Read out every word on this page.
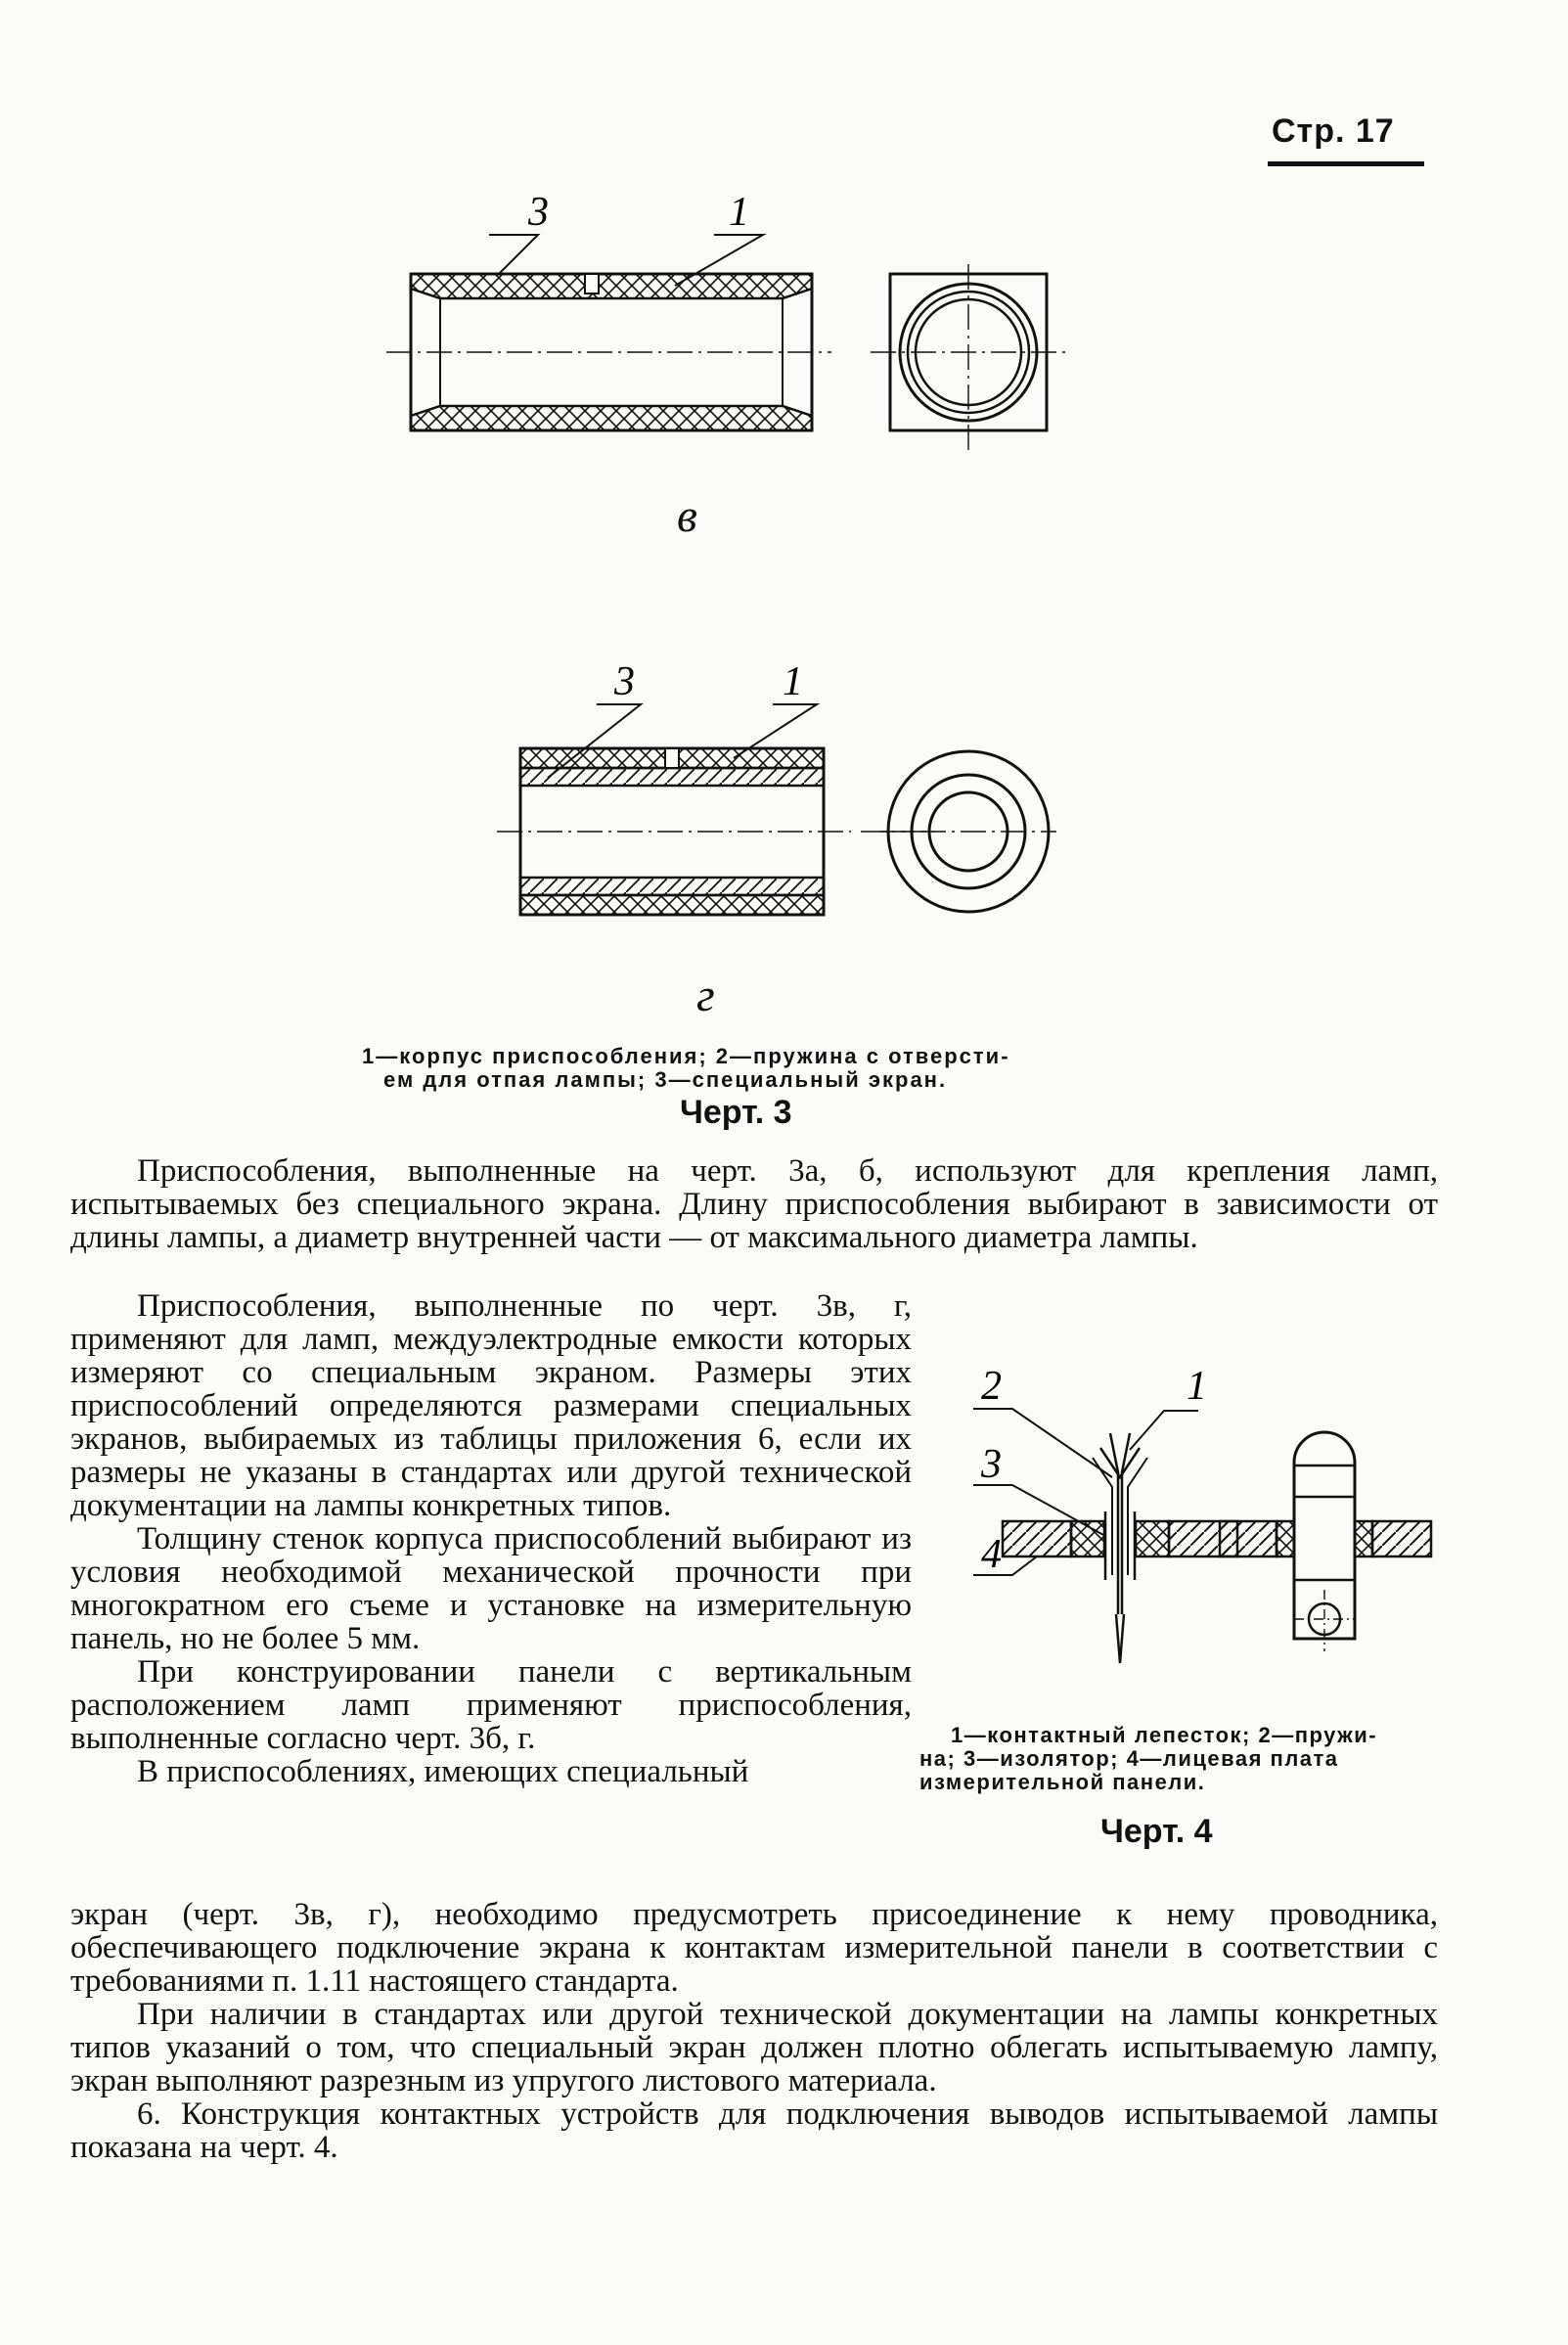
Стр. 17
3	1
в
3	1
г
1—корпус приспособления; 2—пружина с отверсти-
ем для отпая лампы; 3—специальный экран.
Черт. 3

Приспособления, выполненные на черт. 3а, б, используют для крепления ламп, испытываемых без специального экрана. Длину приспособления выбирают в зависимости от длины лампы, а диаметр внутренней части — от максимального диаметра лампы.

Приспособления, выполненные по черт. 3в, г, применяют для ламп, междуэлектродные емкости которых измеряют со специальным экраном. Размеры этих приспособлений определяются размерами специальных экранов, выбираемых из таблицы приложения 6, если их размеры не указаны в стандартах или другой технической документации на лампы конкретных типов.

Толщину стенок корпуса приспособлений выбирают из условия необходимой механической прочности при многократном его съеме и установке на измерительную панель, но не более 5 мм.

При конструировании панели с вертикальным расположением ламп применяют приспособления, выполненные согласно черт. 3б, г.

В приспособлениях, имеющих специальный

2	1
3
4
1—контактный лепесток; 2—пружи-
на; 3—изолятор; 4—лицевая плата
измерительной панели.
Черт. 4

экран (черт. 3в, г), необходимо предусмотреть присоединение к нему проводника, обеспечивающего подключение экрана к контактам измерительной панели в соответствии с требованиями п. 1.11 настоящего стандарта.

При наличии в стандартах или другой технической документации на лампы конкретных типов указаний о том, что специальный экран должен плотно облегать испытываемую лампу, экран выполняют разрезным из упругого листового материала.

6. Конструкция контактных устройств для подключения выводов испытываемой лампы показана на черт. 4.
